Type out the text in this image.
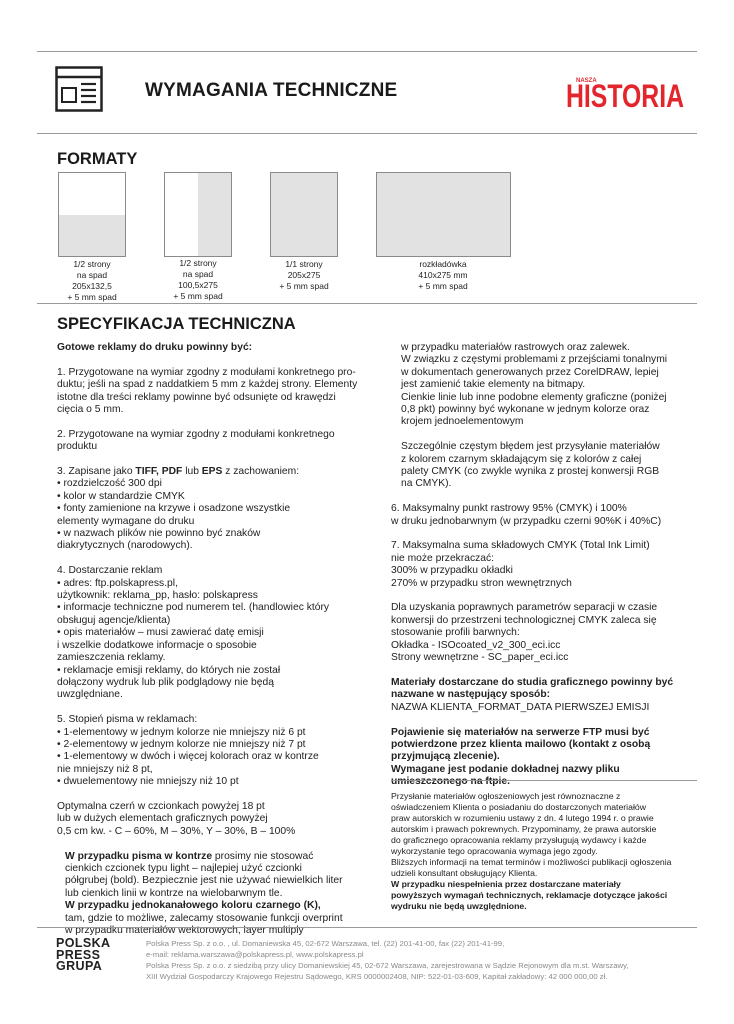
WYMAGANIA TECHNICZNE	NASZA
HISTORIA
FORMATY
1/2 strony
na spad
205x132,5
+ 5 mm spad
1/2 strony
na spad
100,5x275
+ 5 mm spad
1/1 strony
205x275
+ 5 mm spad
rozkładówka
410x275 mm
+ 5 mm spad
SPECYFIKACJA TECHNICZNA

Gotowe reklamy do druku powinny być:

1. Przygotowane na wymiar zgodny z modułami konkretnego pro-
duktu; jeśli na spad z naddatkiem 5 mm z każdej strony. Elementy
istotne dla treści reklamy powinne być odsunięte od krawędzi
cięcia o 5 mm.

2. Przygotowane na wymiar zgodny z modułami konkretnego
produktu

3. Zapisane jako TIFF, PDF lub EPS z zachowaniem:

• rozdzielczość 300 dpi
• kolor w standardzie CMYK
• fonty zamienione na krzywe i osadzone wszystkie
elementy wymagane do druku
• w nazwach plików nie powinno być znaków
diakrytycznych (narodowych).

4. Dostarczanie reklam
• adres: ftp.polskapress.pl,
użytkownik: reklama_pp, hasło: polskapress
• informacje techniczne pod numerem tel. (handlowiec który
obsługuj agencje/klienta)
• opis materiałów – musi zawierać datę emisji
i wszelkie dodatkowe informacje o sposobie
zamieszczenia reklamy.
• reklamacje emisji reklamy, do których nie został
dołączony wydruk lub plik podglądowy nie będą
uwzględniane.

5. Stopień pisma w reklamach:
• 1-elementowy w jednym kolorze nie mniejszy niż 6 pt
• 2-elementowy w jednym kolorze nie mniejszy niż 7 pt
• 1-elementowy w dwóch i więcej kolorach oraz w kontrze
nie mniejszy niż 8 pt,
• dwuelementowy nie mniejszy niż 10 pt

Optymalna czerń w czcionkach powyżej 18 pt
lub w dużych elementach graficznych powyżej
0,5 cm kw. - C – 60%, M – 30%, Y – 30%, B – 100%

W przypadku pisma w kontrze prosimy nie stosować
cienkich czcionek typu light – najlepiej użyć czcionki
półgrubej (bold). Bezpiecznie jest nie używać niewielkich liter
lub cienkich linii w kontrze na wielobarwnym tle.

W przypadku jednokanałowego koloru czarnego (K),
tam, gdzie to możliwe, zalecamy stosowanie funkcji overprint
w przypadku materiałów wektorowych, layer multiply

w przypadku materiałów rastrowych oraz zalewek.
W związku z częstymi problemami z przejściami tonalnymi
w dokumentach generowanych przez CorelDRAW, lepiej
jest zamienić takie elementy na bitmapy.
Cienkie linie lub inne podobne elementy graficzne (poniżej
0,8 pkt) powinny być wykonane w jednym kolorze oraz
krojem jednoelementowym

Szczególnie częstym błędem jest przysyłanie materiałów
z kolorem czarnym składającym się z kolorów z całej
palety CMYK (co zwykle wynika z prostej konwersji RGB
na CMYK).

6. Maksymalny punkt rastrowy 95% (CMYK) i 100%
w druku jednobarwnym (w przypadku czerni 90%K i 40%C)

7. Maksymalna suma składowych CMYK (Total Ink Limit)
nie może przekraczać:
300% w przypadku okładki
270% w przypadku stron wewnętrznych

Dla uzyskania poprawnych parametrów separacji w czasie
konwersji do przestrzeni technologicznej CMYK zaleca się
stosowanie profili barwnych:
Okładka - ISOcoated_v2_300_eci.icc
Strony wewnętrzne - SC_paper_eci.icc

Materiały dostarczane do studia graficznego powinny być
nazwane w następujący sposób:

NAZWA KLIENTA_FORMAT_DATA PIERWSZEJ EMISJI

Pojawienie się materiałów na serwerze FTP musi być
potwierdzone przez klienta mailowo (kontakt z osobą
przyjmującą zlecenie).
Wymagane jest podanie dokładnej nazwy pliku
umieszczonego na ftpie.

Przysłanie materiałów ogłoszeniowych jest równoznaczne z
oświadczeniem Klienta o posiadaniu do dostarczonych materiałów
praw autorskich w rozumieniu ustawy z dn. 4 lutego 1994 r. o prawie
autorskim i prawach pokrewnych. Przypominamy, że prawa autorskie
do graficznego opracowania reklamy przysługują wydawcy i każde
wykorzystanie tego opracowania wymaga jego zgody.
Bliższych informacji na temat terminów i możliwości publikacji ogłoszenia
udzieli konsultant obsługujący Klienta.

W przypadku niespełnienia przez dostarczane materiały
powyższych wymagań technicznych, reklamacje dotyczące jakości
wydruku nie będą uwzględnione.

POLSKA
PRESS
GRUPA

Polska Press Sp. z o.o. , ul. Domaniewska 45, 02-672 Warszawa, tel. (22) 201-41-00, fax (22) 201-41-99,

e-mail: reklama.warszawa@polskapress.pl, www.polskapress.pl

Polska Press Sp. z o.o. z siedzibą przy ulicy Domaniewskiej 45, 02-672 Warszawa, zarejestrowana w Sądzie Rejonowym dla m.st. Warszawy,

XIII Wydział Gospodarczy Krajowego Rejestru Sądowego, KRS 0000002408, NIP: 522-01-03-609, Kapitał zakładowy: 42 000 000,00 zł.
